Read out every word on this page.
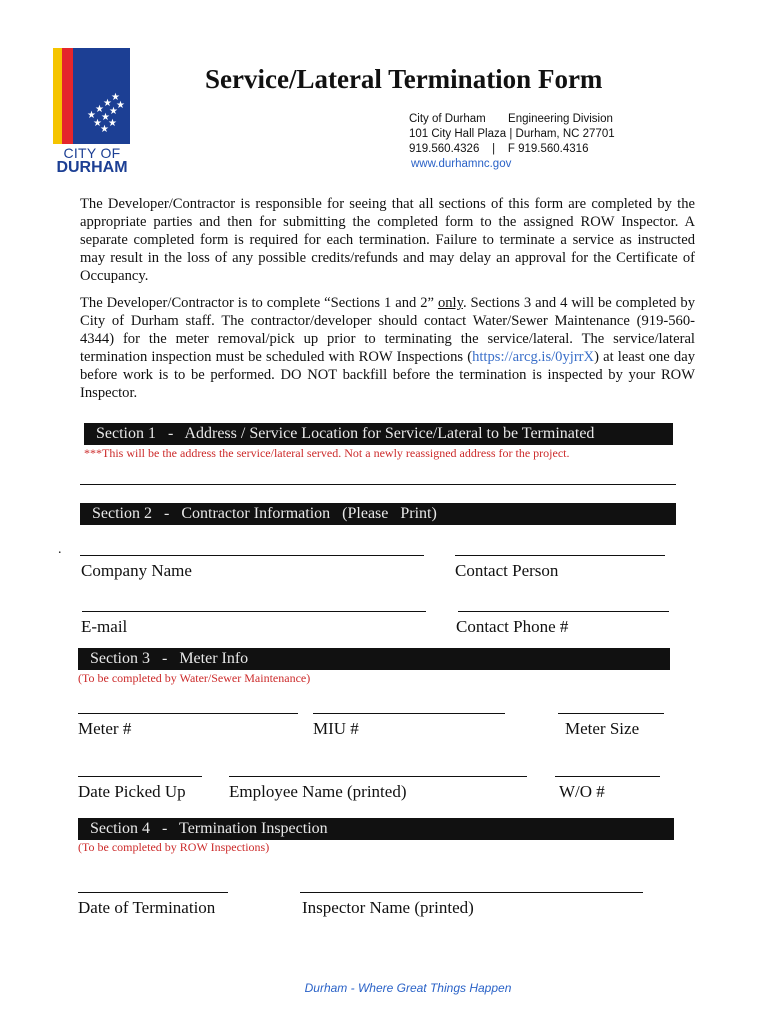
★
★
★
★
★
★
★
★
★
★
CITY OF
DURHAM
Service/Lateral Termination Form
City of Durham       Engineering Division
101 City Hall Plaza | Durham, NC 27701
919.560.4326    |    F 919.560.4316
www.durhamnc.gov
The Developer/Contractor is responsible for seeing that all sections of this form are completed by the appropriate parties and then for submitting the completed form to the assigned ROW Inspector. A separate completed form is required for each termination. Failure to terminate a service as instructed may result in the loss of any possible credits/refunds and may delay an approval for the Certificate of Occupancy.
The Developer/Contractor is to complete “Sections 1 and 2” only. Sections 3 and 4 will be completed by City of Durham staff. The contractor/developer should contact Water/Sewer Maintenance (919-560-4344) for the meter removal/pick up prior to terminating the service/lateral. The service/lateral termination inspection must be scheduled with ROW Inspections (https://arcg.is/0yjrrX) at least one day before work is to be performed. DO NOT backfill before the termination is inspected by your ROW Inspector.
Section 1   -   Address / Service Location for Service/Lateral to be Terminated
***This will be the address the service/lateral served. Not a newly reassigned address for the project.
Section 2   -   Contractor Information   (Please   Print)
.
Company Name	Contact Person
E-mail	Contact Phone #
Section 3   -   Meter Info
(To be completed by Water/Sewer Maintenance)
Meter #	MIU #	Meter Size
Date Picked Up	Employee Name (printed)	W/O #
Section 4   -   Termination Inspection
(To be completed by ROW Inspections)
Date of Termination	Inspector Name (printed)
Durham - Where Great Things Happen
